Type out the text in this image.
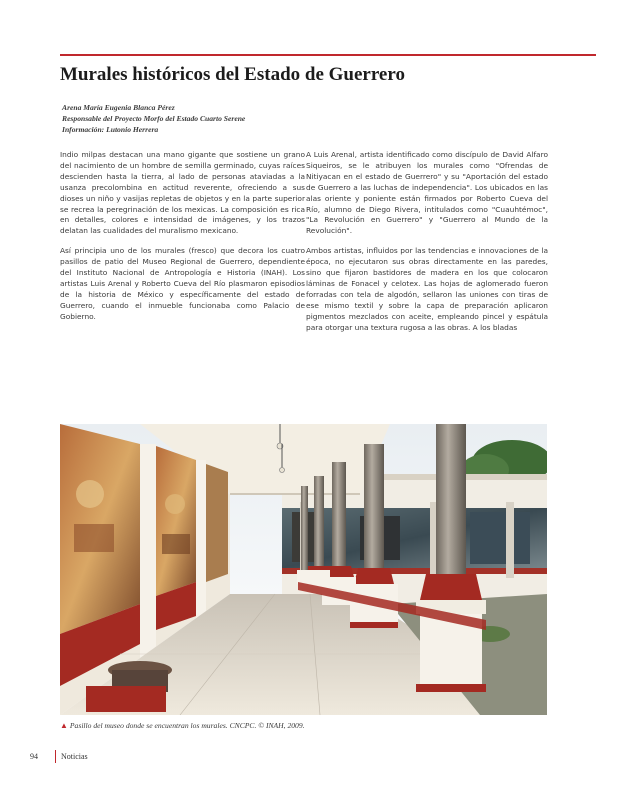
Murales históricos del Estado de Guerrero
Arena María Eugenia Blanca Pérez
Responsable del Proyecto Morfo del Estado Cuarto Serene
Información: Lutonio Herrera

Indio milpas destacan una mano gigante que sostiene un grano del nacimiento de un hombre de semilla germinado, cuyas raíces descienden hasta la tierra, al lado de personas ataviadas a la usanza precolombina en actitud reverente, ofreciendo a sus dioses un niño y vasijas repletas de objetos y en la parte superior se recrea la peregrinación de los mexicas. La composición es rica en detalles, colores e intensidad de imágenes, y los trazos delatan las cualidades del muralismo mexicano.

Así principia uno de los murales (fresco) que decora los cuatro pasillos de patio del Museo Regional de Guerrero, dependiente del Instituto Nacional de Antropología e Historia (INAH). Los artistas Luis Arenal y Roberto Cueva del Río plasmaron episodios de la historia de México y específicamente del estado de Guerrero, cuando el inmueble funcionaba como Palacio de Gobierno.

A Luis Arenal, artista identificado como discípulo de David Alfaro Siqueiros, se le atribuyen los murales como "Ofrendas de Nitiyacan en el estado de Guerrero" y su "Aportación del estado de Guerrero a las luchas de independencia". Los ubicados en las alas oriente y poniente están firmados por Roberto Cueva del Río, alumno de Diego Rivera, intitulados como "Cuauhtémoc", "La Revolución en Guerrero" y "Guerrero al Mundo de la Revolución".

Ambos artistas, influidos por las tendencias e innovaciones de la época, no ejecutaron sus obras directamente en las paredes, sino que fijaron bastidores de madera en los que colocaron láminas de Fonacel y celotex. Las hojas de aglomerado fueron forradas con tela de algodón, sellaron las uniones con tiras de ese mismo textil y sobre la capa de preparación aplicaron pigmentos mezclados con aceite, empleando pincel y espátula para otorgar una textura rugosa a las obras. A los bladas

▲ Pasillo del museo donde se encuentran los murales. CNCPC. © INAH, 2009.
94	Noticias
